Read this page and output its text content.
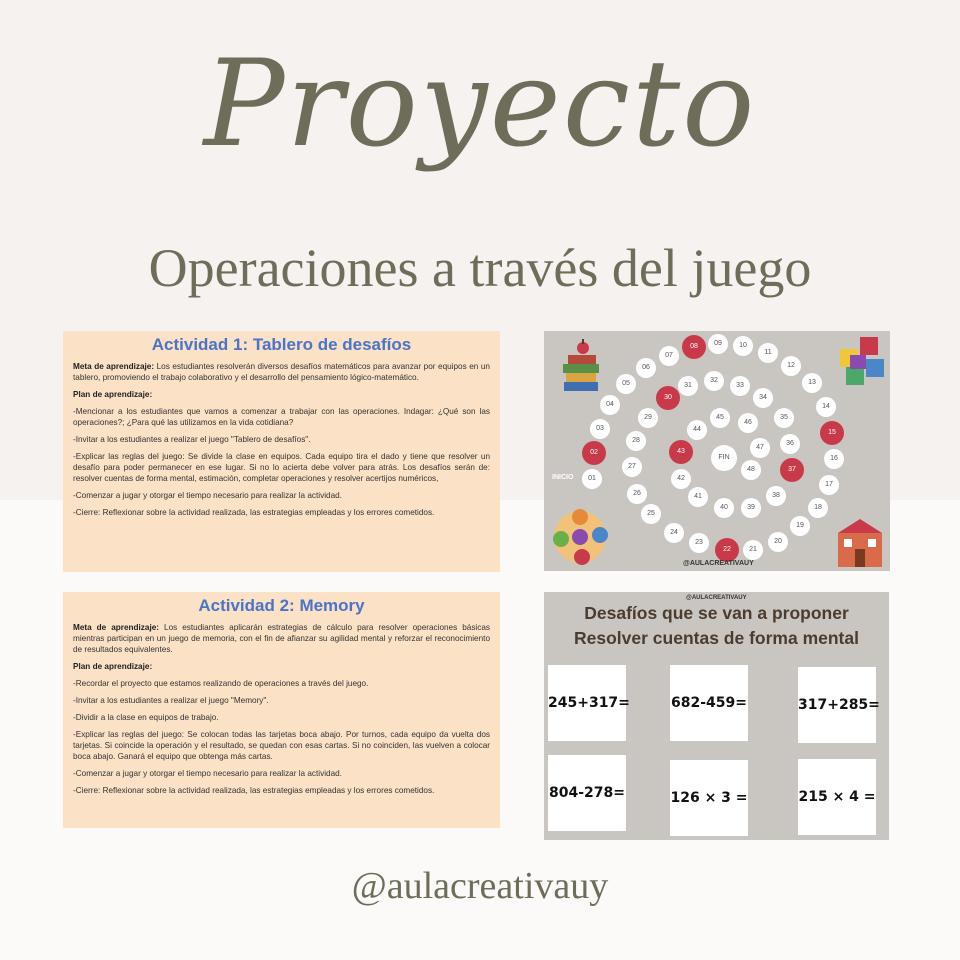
Proyecto
Operaciones a través del juego
Actividad 1: Tablero de desafíos

Meta de aprendizaje: Los estudiantes resolverán diversos desafíos matemáticos para avanzar por equipos en un tablero, promoviendo el trabajo colaborativo y el desarrollo del pensamiento lógico-matemático.

Plan de aprendizaje:

-Mencionar a los estudiantes que vamos a comenzar a trabajar con las operaciones. Indagar: ¿Qué son las operaciones?; ¿Para qué las utilizamos en la vida cotidiana?

-Invitar a los estudiantes a realizar el juego "Tablero de desafíos".

-Explicar las reglas del juego: Se divide la clase en equipos. Cada equipo tira el dado y tiene que resolver un desafío para poder permanecer en ese lugar. Si no lo acierta debe volver para atrás. Los desafíos serán de: resolver cuentas de forma mental, estimación, completar operaciones y resolver acertijos numéricos,

-Comenzar a jugar y otorgar el tiempo necesario para realizar la actividad.

-Cierre: Reflexionar sobre la actividad realizada, las estrategias empleadas y los errores cometidos.

Actividad 2: Memory

Meta de aprendizaje: Los estudiantes aplicarán estrategias de cálculo para resolver operaciones básicas mientras participan en un juego de memoria, con el fin de afianzar su agilidad mental y reforzar el reconocimiento de resultados equivalentes.

Plan de aprendizaje:

-Recordar el proyecto que estamos realizando de operaciones a través del juego.

-Invitar a los estudiantes a realizar el juego "Memory".

-Dividir a la clase en equipos de trabajo.

-Explicar las reglas del juego: Se colocan todas las tarjetas boca abajo. Por turnos, cada equipo da vuelta dos tarjetas. Si coincide la operación y el resultado, se quedan con esas cartas. Si no coinciden, las vuelven a colocar boca abajo. Ganará el equipo que obtenga más cartas.

-Comenzar a jugar y otorgar el tiempo necesario para realizar la actividad.

-Cierre: Reflexionar sobre la actividad realizada, las estrategias empleadas y los errores cometidos.

01
02
03
04
05
06
07
08	09	10
11
12
13
14
15
16
17
18
19
20
21
22
23
24
25
26
27
28
29
30
31
32
33
34
35
36
37
38
39
40
41
42
43
44
45
46
47
48
FIN
INICIO
@AULACREATIVAUY
@AULACREATIVAUY
Desafíos que se van a proponer
Resolver cuentas de forma mental
245+317=	682-459=	317+285=
804-278=	126 × 3 =	215 × 4 =
@aulacreativauy
